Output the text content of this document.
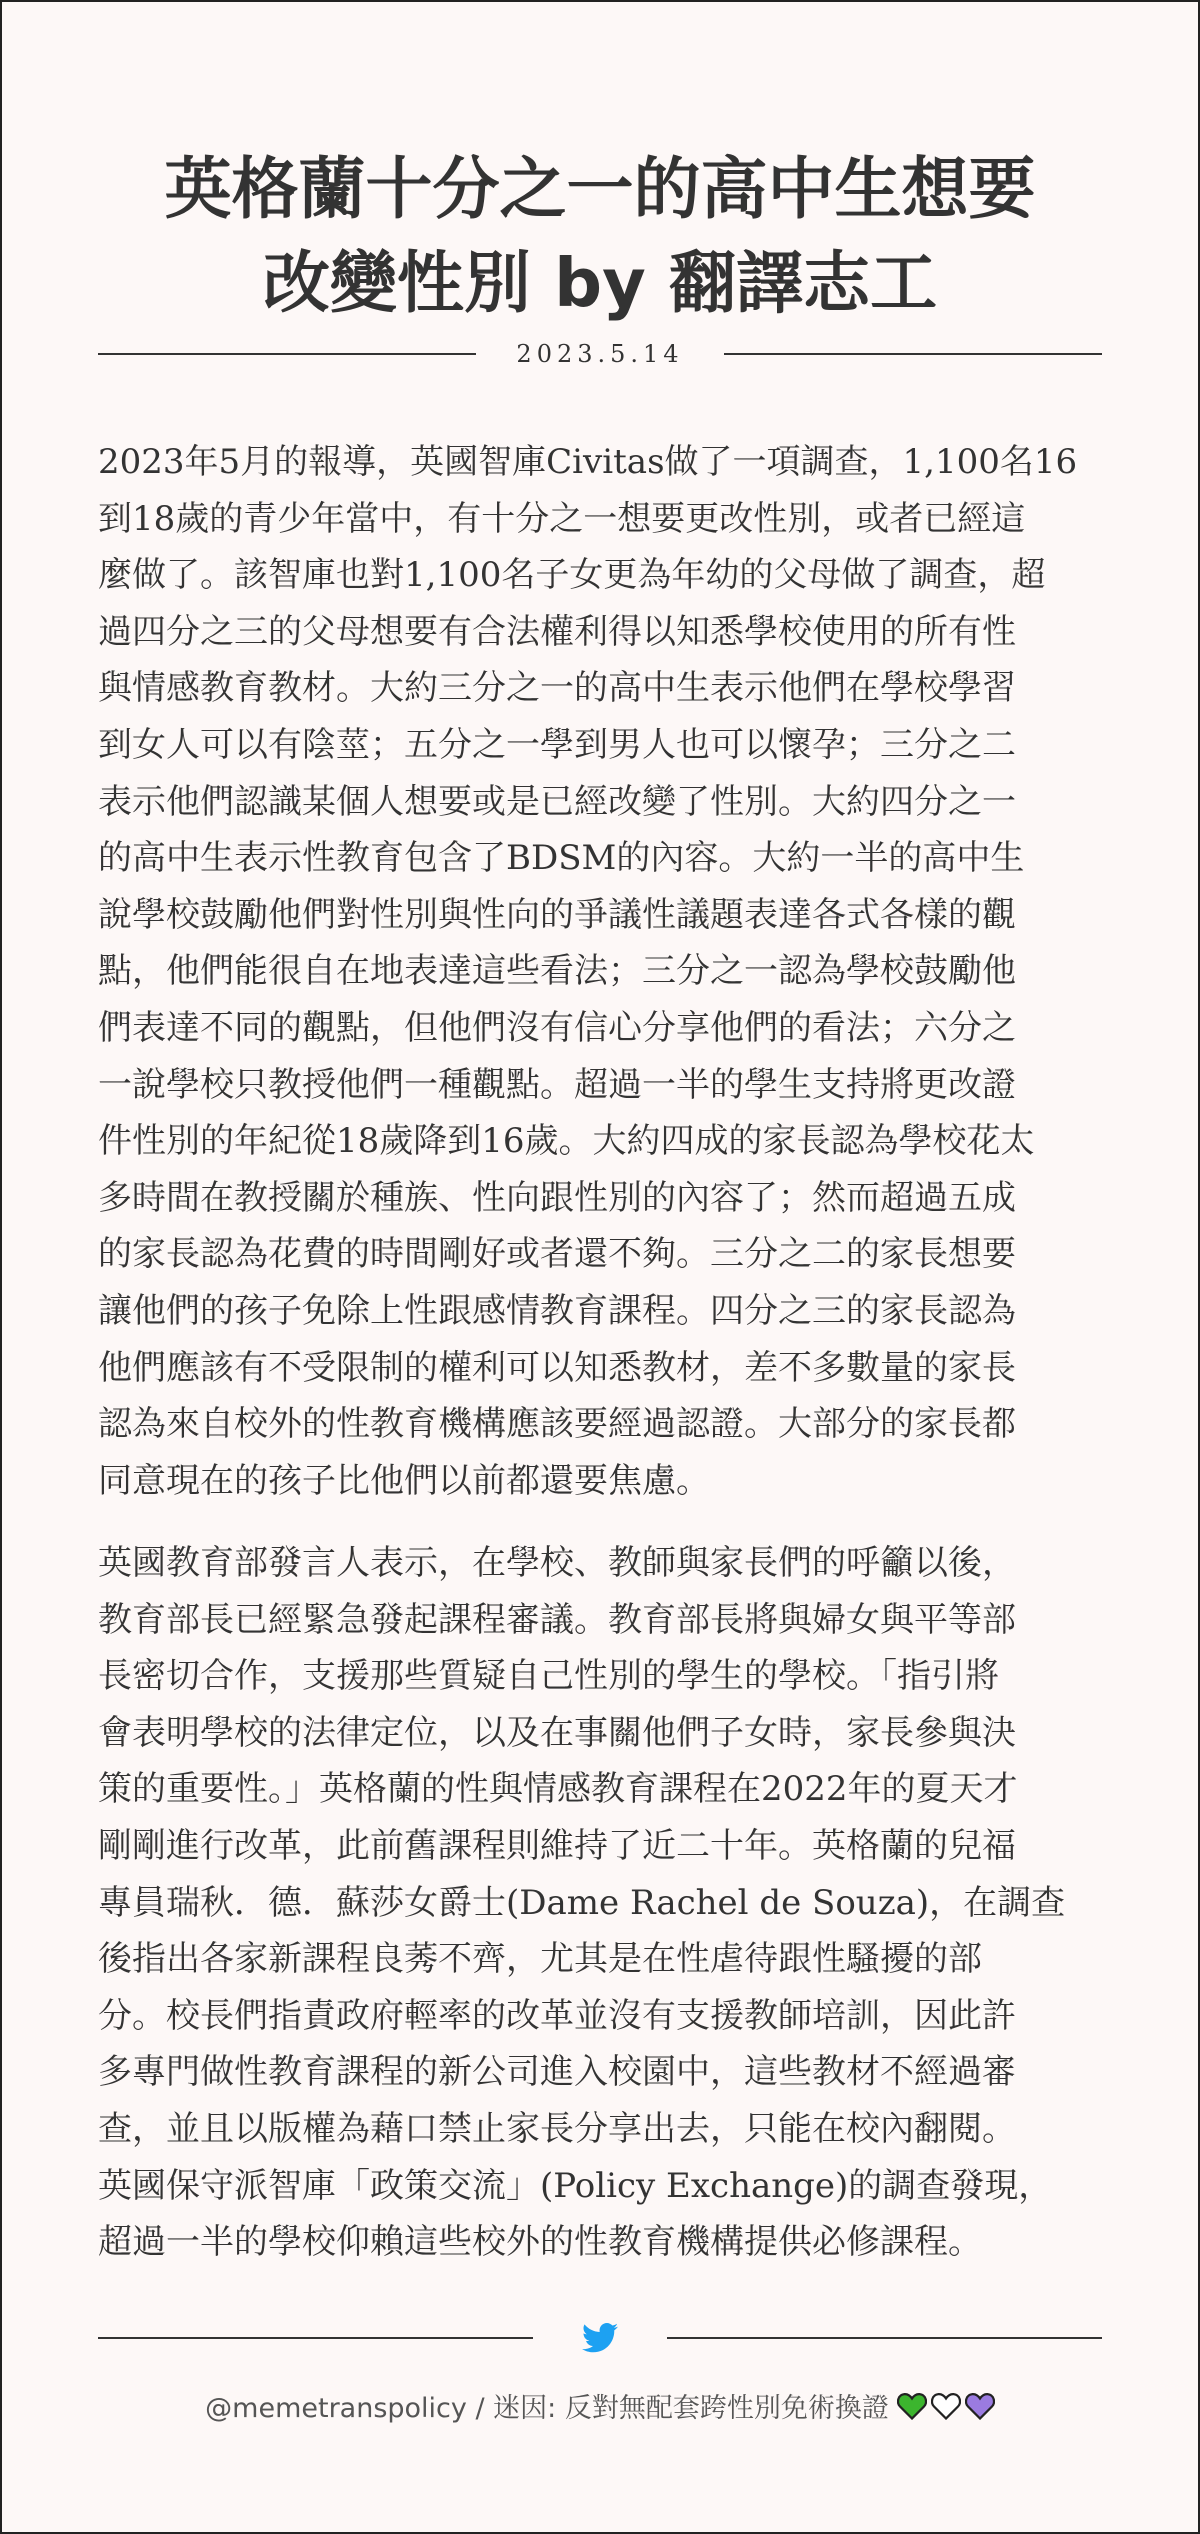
英格蘭十分之一的高中生想要
改變性別 by 翻譯志工
2023.5.14

2023年5月的報導，英國智庫Civitas做了一項調查，1,100名16
到18歲的青少年當中，有十分之一想要更改性別，或者已經這
麼做了。該智庫也對1,100名子女更為年幼的父母做了調查，超
過四分之三的父母想要有合法權利得以知悉學校使用的所有性
與情感教育教材。大約三分之一的高中生表示他們在學校學習
到女人可以有陰莖；五分之一學到男人也可以懷孕；三分之二
表示他們認識某個人想要或是已經改變了性別。大約四分之一
的高中生表示性教育包含了BDSM的內容。大約一半的高中生
說學校鼓勵他們對性別與性向的爭議性議題表達各式各樣的觀
點，他們能很自在地表達這些看法；三分之一認為學校鼓勵他
們表達不同的觀點，但他們沒有信心分享他們的看法；六分之
一說學校只教授他們一種觀點。超過一半的學生支持將更改證
件性別的年紀從18歲降到16歲。大約四成的家長認為學校花太
多時間在教授關於種族、性向跟性別的內容了；然而超過五成
的家長認為花費的時間剛好或者還不夠。三分之二的家長想要
讓他們的孩子免除上性跟感情教育課程。四分之三的家長認為
他們應該有不受限制的權利可以知悉教材，差不多數量的家長
認為來自校外的性教育機構應該要經過認證。大部分的家長都
同意現在的孩子比他們以前都還要焦慮。

英國教育部發言人表示，在學校、教師與家長們的呼籲以後，
教育部長已經緊急發起課程審議。教育部長將與婦女與平等部
長密切合作，支援那些質疑自己性別的學生的學校。「指引將
會表明學校的法律定位，以及在事關他們子女時，家長參與決
策的重要性。」英格蘭的性與情感教育課程在2022年的夏天才
剛剛進行改革，此前舊課程則維持了近二十年。英格蘭的兒福
專員瑞秋．德．蘇莎女爵士(Dame Rachel de Souza)，在調查
後指出各家新課程良莠不齊，尤其是在性虐待跟性騷擾的部
分。校長們指責政府輕率的改革並沒有支援教師培訓，因此許
多專門做性教育課程的新公司進入校園中，這些教材不經過審
查，並且以版權為藉口禁止家長分享出去，只能在校內翻閱。
英國保守派智庫「政策交流」(Policy Exchange)的調查發現，
超過一半的學校仰賴這些校外的性教育機構提供必修課程。

@memetranspolicy / 迷因: 反對無配套跨性別免術換證
